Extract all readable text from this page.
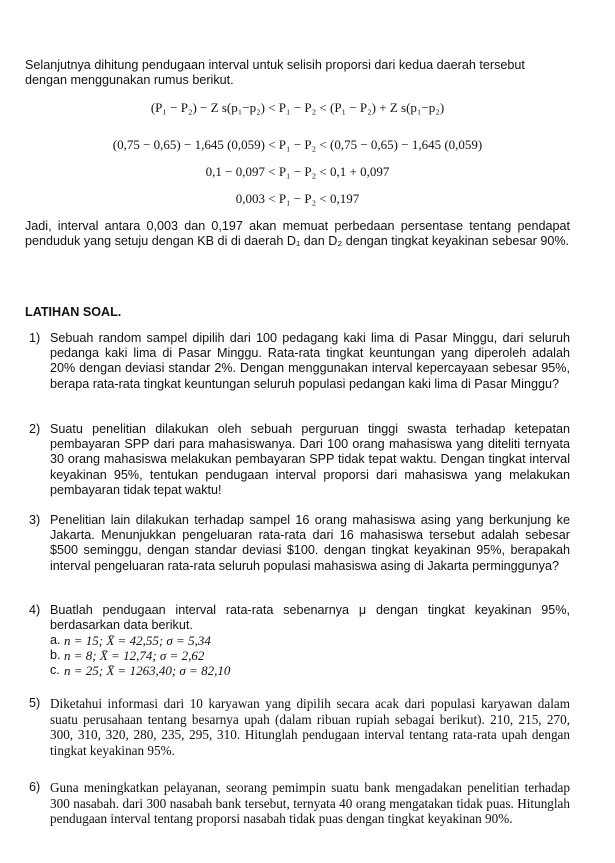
Selanjutnya dihitung pendugaan interval untuk selisih proporsi dari kedua daerah tersebut
dengan menggunakan rumus berikut.
(P₁ − P₂) − Z s(p₁−p₂) < P₁ − P₂ < (P₁ − P₂) + Z s(p₁−p₂)
(0,75 − 0,65) − 1,645 (0,059) < P₁ − P₂ < (0,75 − 0,65) − 1,645 (0,059)
0,1 − 0,097 < P₁ − P₂ < 0,1 + 0,097
0,003 < P₁ − P₂ < 0,197
Jadi, interval antara 0,003 dan 0,197 akan memuat perbedaan persentase tentang pendapat penduduk yang setuju dengan KB di di daerah D₁ dan D₂ dengan tingkat keyakinan sebesar 90%.
LATIHAN SOAL.
1) Sebuah random sampel dipilih dari 100 pedagang kaki lima di Pasar Minggu, dari seluruh pedanga kaki lima di Pasar Minggu. Rata-rata tingkat keuntungan yang diperoleh adalah 20% dengan deviasi standar 2%. Dengan menggunakan interval kepercayaan sebesar 95%, berapa rata-rata tingkat keuntungan seluruh populasi pedangan kaki lima di Pasar Minggu?
2) Suatu penelitian dilakukan oleh sebuah perguruan tinggi swasta terhadap ketepatan pembayaran SPP dari para mahasiswanya. Dari 100 orang mahasiswa yang diteliti ternyata 30 orang mahasiswa melakukan pembayaran SPP tidak tepat waktu. Dengan tingkat interval keyakinan 95%, tentukan pendugaan interval proporsi dari mahasiswa yang melakukan pembayaran tidak tepat waktu!
3) Penelitian lain dilakukan terhadap sampel 16 orang mahasiswa asing yang berkunjung ke Jakarta. Menunjukkan pengeluaran rata-rata dari 16 mahasiswa tersebut adalah sebesar $500 seminggu, dengan standar deviasi $100. dengan tingkat keyakinan 95%, berapakah interval pengeluaran rata-rata seluruh populasi mahasiswa asing di Jakarta perminggunya?
4) Buatlah pendugaan interval rata-rata sebenarnya μ dengan tingkat keyakinan 95%, berdasarkan data berikut.
a. n = 15; X̄ = 42,55; σ = 5,34
b. n = 8; X̄ = 12,74; σ = 2,62
c. n = 25; X̄ = 1263,40; σ = 82,10
5) Diketahui informasi dari 10 karyawan yang dipilih secara acak dari populasi karyawan dalam suatu perusahaan tentang besarnya upah (dalam ribuan rupiah sebagai berikut). 210, 215, 270, 300, 310, 320, 280, 235, 295, 310. Hitunglah pendugaan interval tentang rata-rata upah dengan tingkat keyakinan 95%.
6) Guna meningkatkan pelayanan, seorang pemimpin suatu bank mengadakan penelitian terhadap 300 nasabah. dari 300 nasabah bank tersebut, ternyata 40 orang mengatakan tidak puas. Hitunglah pendugaan interval tentang proporsi nasabah tidak puas dengan tingkat keyakinan 90%.
